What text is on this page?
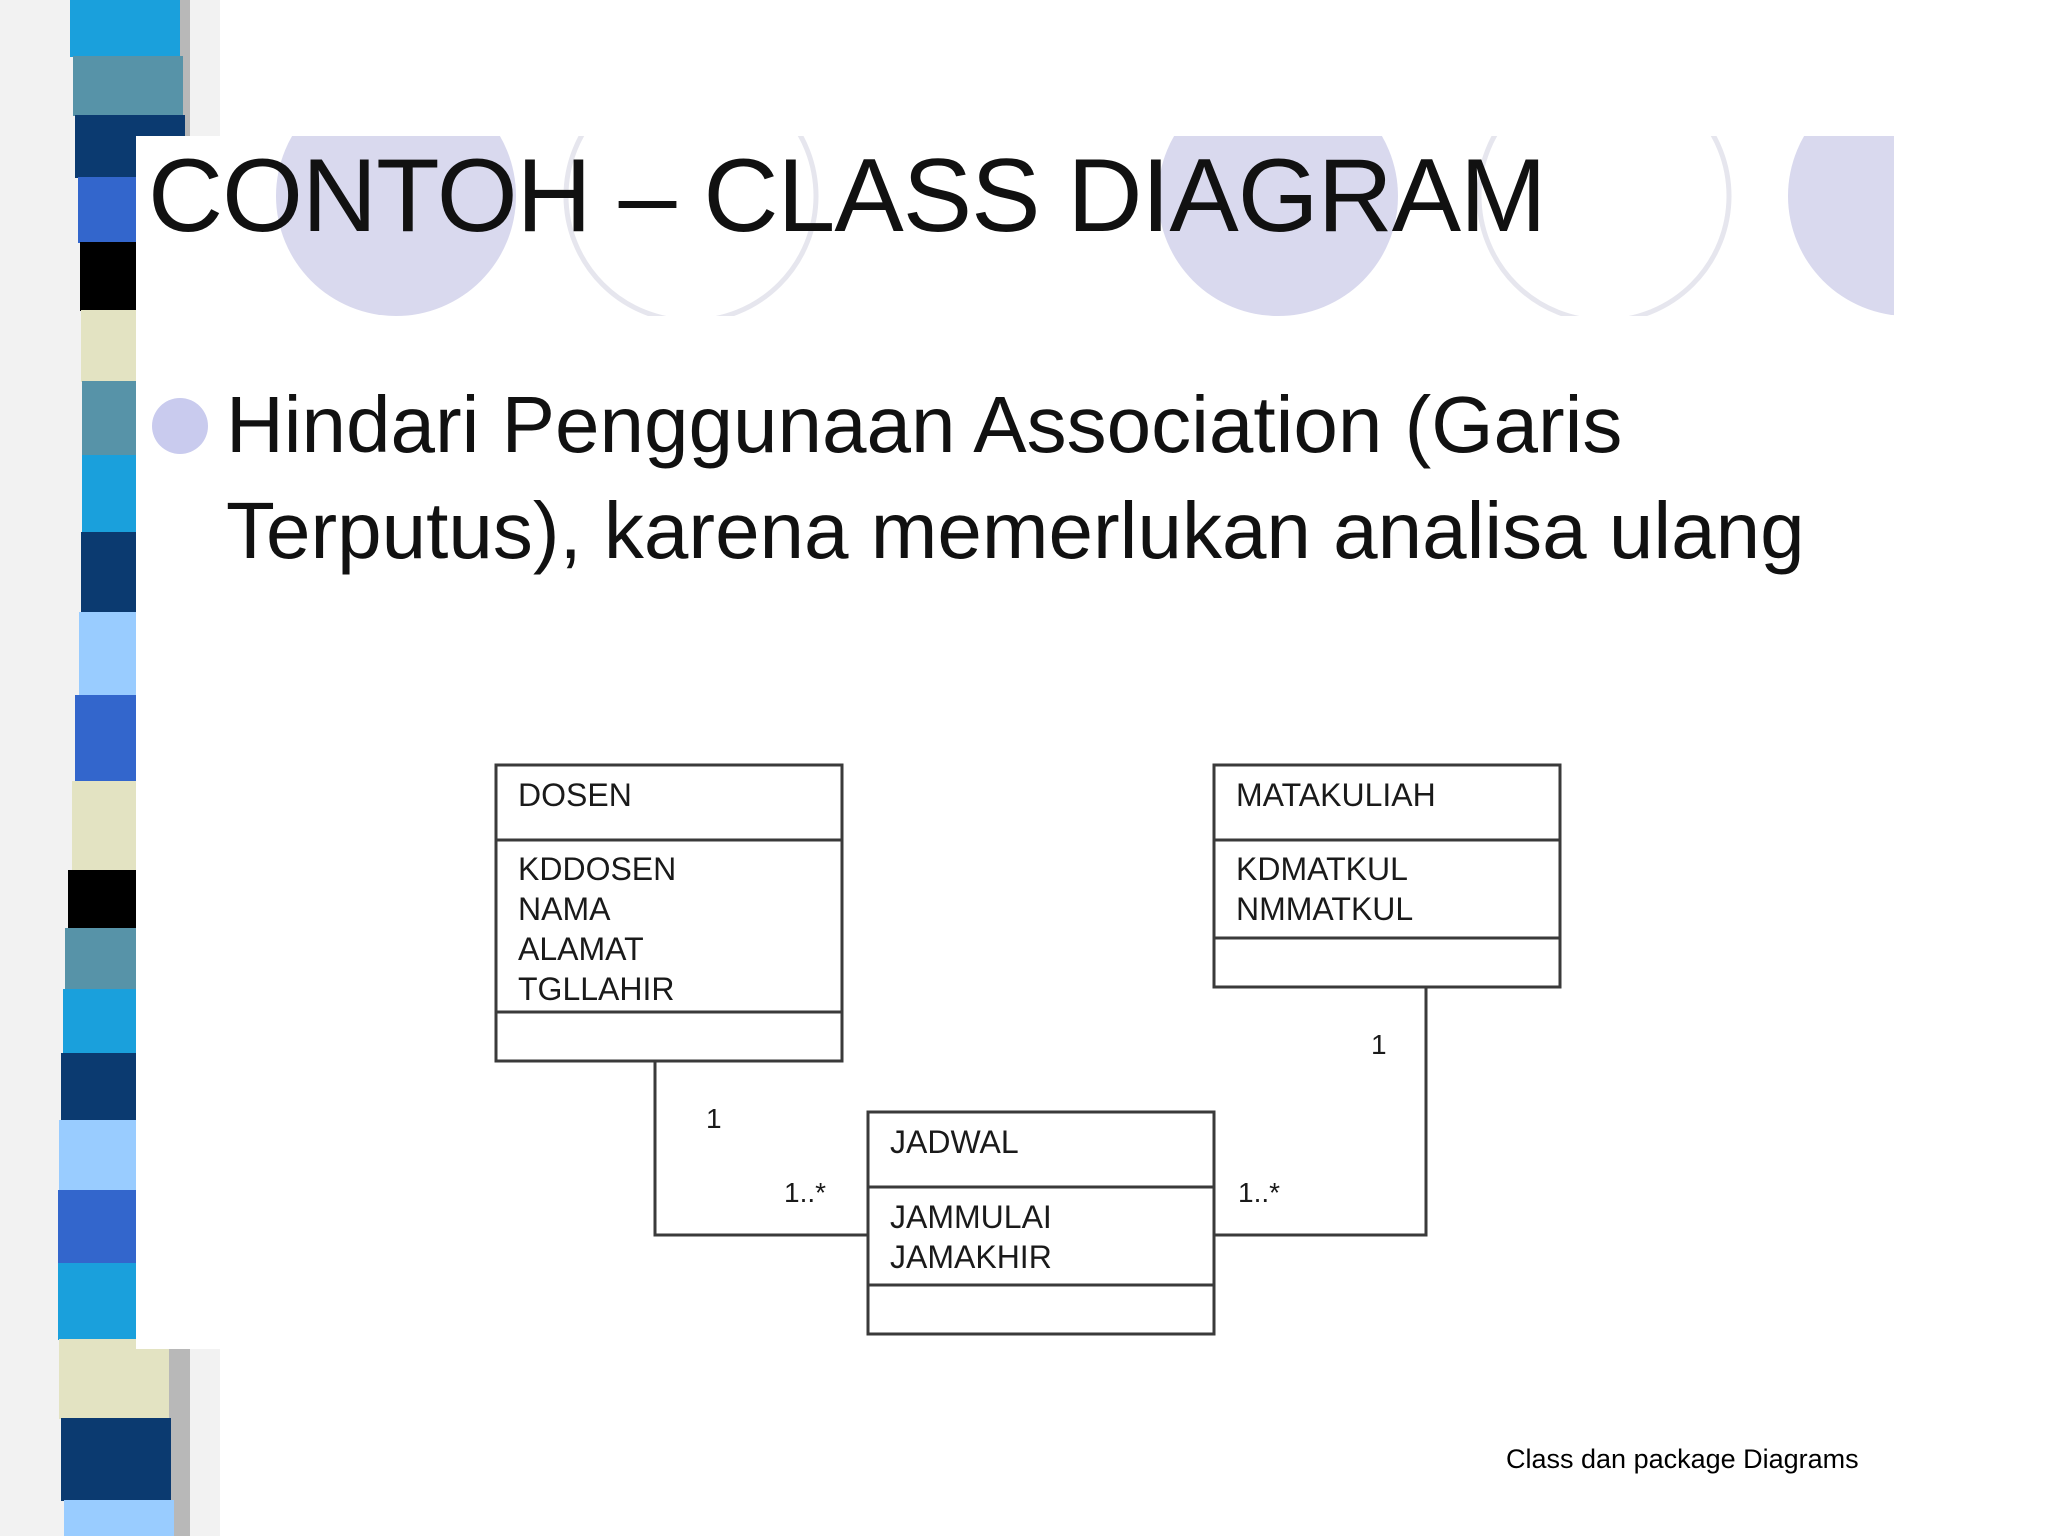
CONTOH – CLASS DIAGRAM
Hindari Penggunaan Association (Garis Terputus), karena memerlukan analisa ulang
DOSEN
KDDOSEN
NAMA
ALAMAT
TGLLAHIR
MATAKULIAH
KDMATKUL
NMMATKUL
JADWAL
JAMMULAI
JAMAKHIR
1
1..*
1
1..*
Class dan package Diagrams
